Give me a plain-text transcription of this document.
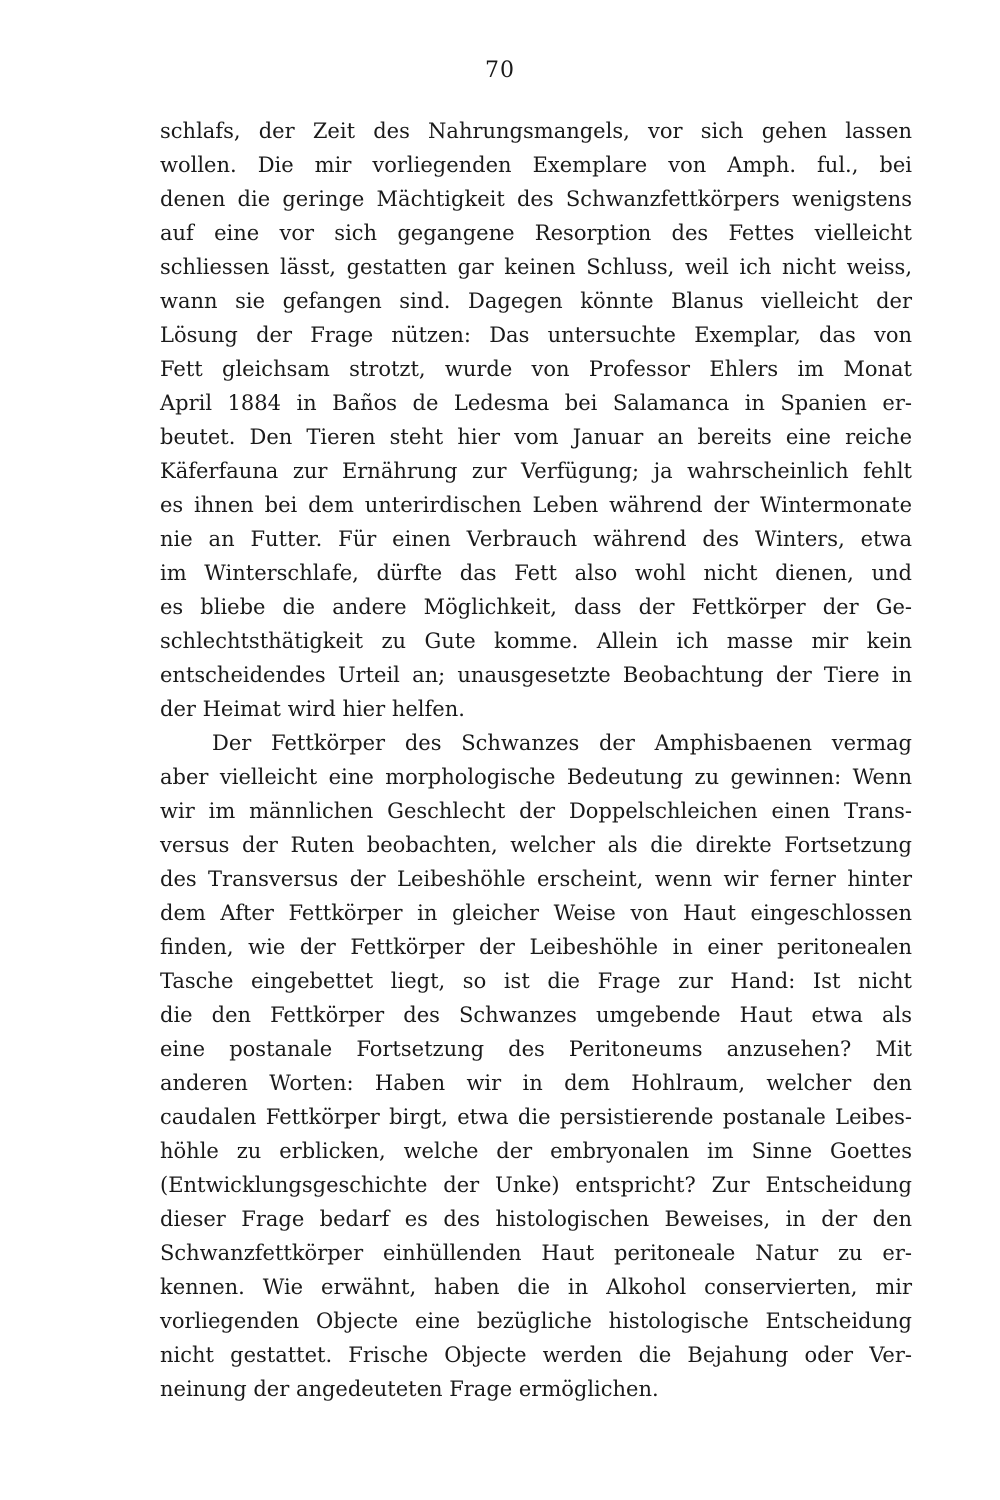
70
schlafs, der Zeit des Nahrungsmangels, vor sich gehen lassen
wollen. Die mir vorliegenden Exemplare von Amph. ful., bei
denen die geringe Mächtigkeit des Schwanzfettkörpers wenigstens
auf eine vor sich gegangene Resorption des Fettes vielleicht
schliessen lässt, gestatten gar keinen Schluss, weil ich nicht weiss,
wann sie gefangen sind. Dagegen könnte Blanus vielleicht der
Lösung der Frage nützen: Das untersuchte Exemplar, das von
Fett gleichsam strotzt, wurde von Professor Ehlers im Monat
April 1884 in Baños de Ledesma bei Salamanca in Spanien er-
beutet. Den Tieren steht hier vom Januar an bereits eine reiche
Käferfauna zur Ernährung zur Verfügung; ja wahrscheinlich fehlt
es ihnen bei dem unterirdischen Leben während der Wintermonate
nie an Futter. Für einen Verbrauch während des Winters, etwa
im Winterschlafe, dürfte das Fett also wohl nicht dienen, und
es bliebe die andere Möglichkeit, dass der Fettkörper der Ge-
schlechtsthätigkeit zu Gute komme. Allein ich masse mir kein
entscheidendes Urteil an; unausgesetzte Beobachtung der Tiere in
der Heimat wird hier helfen.
Der Fettkörper des Schwanzes der Amphisbaenen vermag
aber vielleicht eine morphologische Bedeutung zu gewinnen: Wenn
wir im männlichen Geschlecht der Doppelschleichen einen Trans-
versus der Ruten beobachten, welcher als die direkte Fortsetzung
des Transversus der Leibeshöhle erscheint, wenn wir ferner hinter
dem After Fettkörper in gleicher Weise von Haut eingeschlossen
finden, wie der Fettkörper der Leibeshöhle in einer peritonealen
Tasche eingebettet liegt, so ist die Frage zur Hand: Ist nicht
die den Fettkörper des Schwanzes umgebende Haut etwa als
eine postanale Fortsetzung des Peritoneums anzusehen? Mit
anderen Worten: Haben wir in dem Hohlraum, welcher den
caudalen Fettkörper birgt, etwa die persistierende postanale Leibes-
höhle zu erblicken, welche der embryonalen im Sinne Goettes
(Entwicklungsgeschichte der Unke) entspricht? Zur Entscheidung
dieser Frage bedarf es des histologischen Beweises, in der den
Schwanzfettkörper einhüllenden Haut peritoneale Natur zu er-
kennen. Wie erwähnt, haben die in Alkohol conservierten, mir
vorliegenden Objecte eine bezügliche histologische Entscheidung
nicht gestattet. Frische Objecte werden die Bejahung oder Ver-
neinung der angedeuteten Frage ermöglichen.
